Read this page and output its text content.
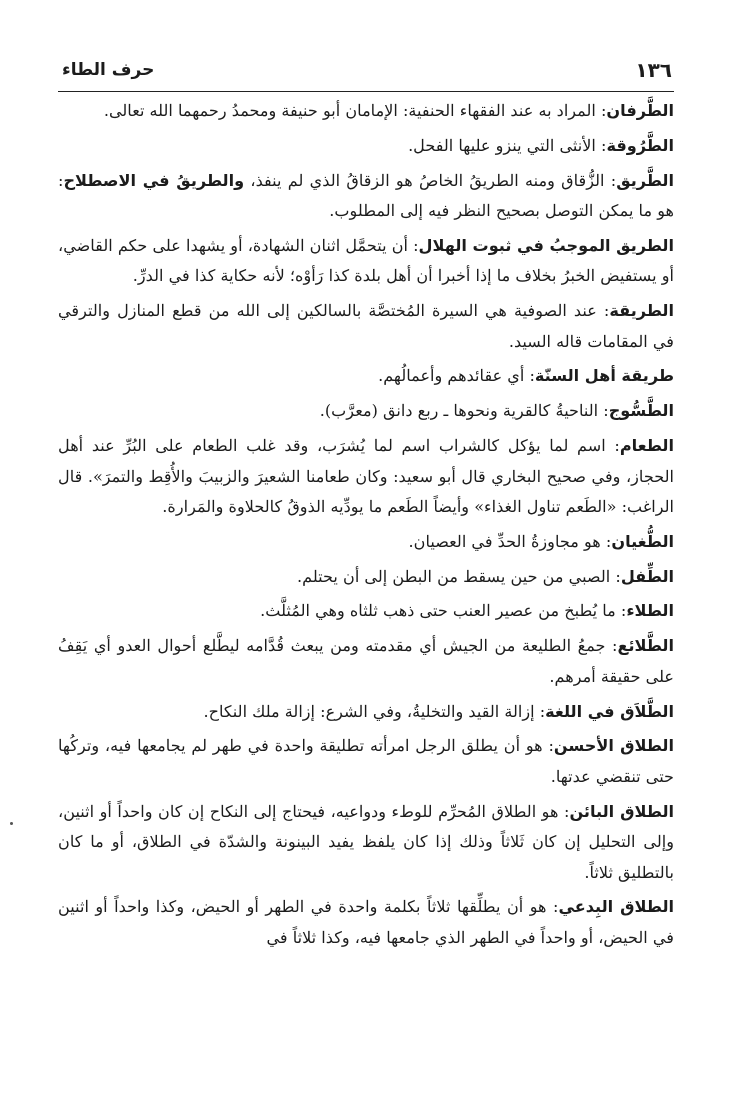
حرف الطاء	١٣٦

الطَّرفان: المراد به عند الفقهاء الحنفية: الإمامان أبو حنيفة ومحمدُ رحمهما الله تعالى.

الطَّرُوقة: الأنثى التي ينزو عليها الفحل.

الطَّريق: الزُّقاق ومنه الطريقُ الخاصُ هو الزقاقُ الذي لم ينفذ، والطريقُ في الاصطلاح: هو ما يمكن التوصل بصحيح النظر فيه إلى المطلوب.

الطريق الموجبُ في ثبوت الهلال: أن يتحمَّل اثنان الشهادة، أو يشهدا على حكم القاضي، أو يستفيض الخبرُ بخلاف ما إذا أخبرا أن أهل بلدة كذا رَأوْه؛ لأنه حكاية كذا في الدرِّ.

الطريقة: عند الصوفية هي السيرة المُختصَّة بالسالكين إلى الله من قطع المنازل والترقي في المقامات قاله السيد.

طريقة أهل السنّة: أي عقائدهم وأعمالُهم.

الطَّسُّوج: الناحيةُ كالقرية ونحوها ـ ربع دانق (معرَّب).

الطعام: اسم لما يؤكل كالشراب اسم لما يُشرَب، وقد غلب الطعام على البُرِّ عند أهل الحجاز، وفي صحيح البخاري قال أبو سعيد: وكان طعامنا الشعيرَ والزبيبَ والأُقِط والتمرَ». قال الراغب: «الطَعم تناول الغذاء» وأيضاً الطَعم ما يودِّيه الذوقُ كالحلاوة والمَرارة.

الطُّغيان: هو مجاوزةُ الحدِّ في العصيان.

الطِّفل: الصبي من حين يسقط من البطن إلى أن يحتلم.

الطلاء: ما يُطبخ من عصير العنب حتى ذهب ثلثاه وهي المُثلَّث.

الطَّلائع: جمعُ الطليعة من الجيش أي مقدمته ومن يبعث قُدَّامه ليطَّلع أحوال العدو أي يَقِفُ على حقيقة أمرهم.

الطَّلاَق في اللغة: إزالة القيد والتخليةُ، وفي الشرع: إزالة ملك النكاح.

الطلاق الأحسن: هو أن يطلق الرجل امرأته تطليقة واحدة في طهر لم يجامعها فيه، وتركُها حتى تنقضي عدتها.

الطلاق البائن: هو الطلاق المُحرِّم للوطء ودواعيه، فيحتاج إلى النكاح إن كان واحداً أو اثنين، وإلى التحليل إن كان ثَلاثاً وذلك إذا كان يلفظ يفيد البينونة والشدّة في الطلاق، أو ما كان بالتطليق ثلاثاً.

الطلاق البِدعي: هو أن يطلِّقها ثلاثاً بكلمة واحدة في الطهر أو الحيض، وكذا واحداً أو اثنين في الحيض، أو واحداً في الطهر الذي جامعها فيه، وكذا ثلاثاً في
